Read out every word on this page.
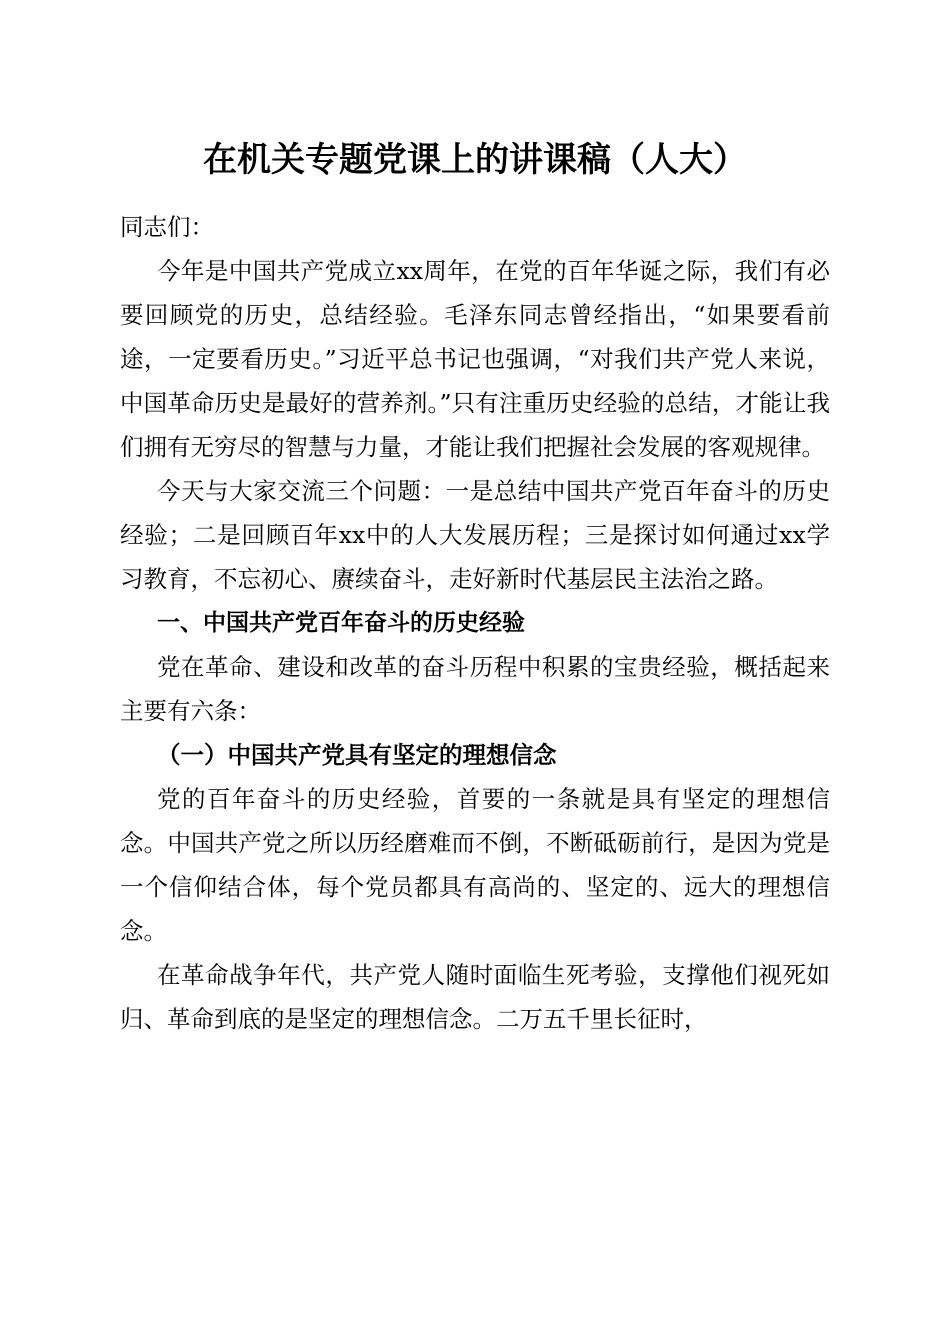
在机关专题党课上的讲课稿（人大）

同志们：

今年是中国共产党成立xx周年，在党的百年华诞之际，我们有必要回顾党的历史，总结经验。毛泽东同志曾经指出，“如果要看前途，一定要看历史。”习近平总书记也强调，“对我们共产党人来说，中国革命历史是最好的营养剂。”只有注重历史经验的总结，才能让我们拥有无穷尽的智慧与力量，才能让我们把握社会发展的客观规律。

今天与大家交流三个问题：一是总结中国共产党百年奋斗的历史经验；二是回顾百年xx中的人大发展历程；三是探讨如何通过xx学习教育，不忘初心、赓续奋斗，走好新时代基层民主法治之路。

一、中国共产党百年奋斗的历史经验

党在革命、建设和改革的奋斗历程中积累的宝贵经验，概括起来主要有六条：

（一）中国共产党具有坚定的理想信念

党的百年奋斗的历史经验，首要的一条就是具有坚定的理想信念。中国共产党之所以历经磨难而不倒，不断砥砺前行，是因为党是一个信仰结合体，每个党员都具有高尚的、坚定的、远大的理想信念。

在革命战争年代，共产党人随时面临生死考验，支撑他们视死如归、革命到底的是坚定的理想信念。二万五千里长征时，
